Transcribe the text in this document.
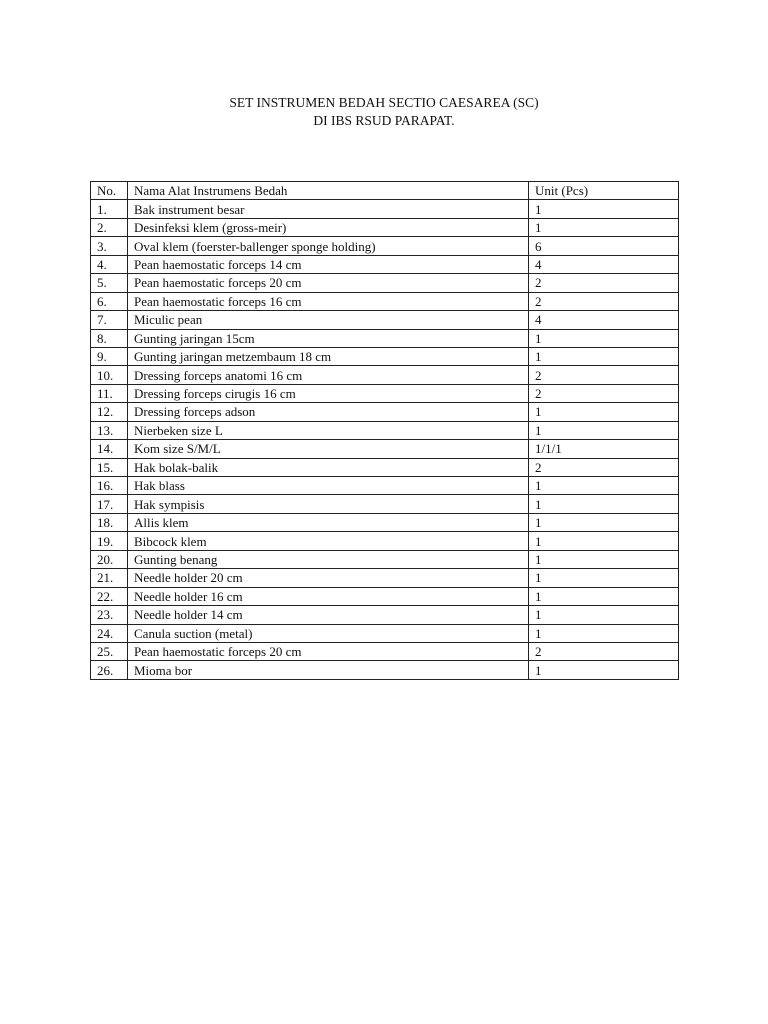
SET INSTRUMEN BEDAH SECTIO CAESAREA (SC)
DI IBS RSUD PARAPAT.
No.	Nama Alat Instrumens Bedah	Unit (Pcs)
1.	Bak instrument besar	1
2.	Desinfeksi klem (gross-meir)	1
3.	Oval klem (foerster-ballenger sponge holding)	6
4.	Pean haemostatic forceps 14 cm	4
5.	Pean haemostatic forceps 20 cm	2
6.	Pean haemostatic forceps 16 cm	2
7.	Miculic pean	4
8.	Gunting jaringan 15cm	1
9.	Gunting jaringan metzembaum 18 cm	1
10.	Dressing forceps anatomi 16 cm	2
11.	Dressing forceps cirugis 16 cm	2
12.	Dressing forceps adson	1
13.	Nierbeken size L	1
14.	Kom size S/M/L	1/1/1
15.	Hak bolak-balik	2
16.	Hak blass	1
17.	Hak sympisis	1
18.	Allis klem	1
19.	Bibcock klem	1
20.	Gunting benang	1
21.	Needle holder 20 cm	1
22.	Needle holder 16 cm	1
23.	Needle holder 14 cm	1
24.	Canula suction (metal)	1
25.	Pean haemostatic forceps 20 cm	2
26.	Mioma bor	1
